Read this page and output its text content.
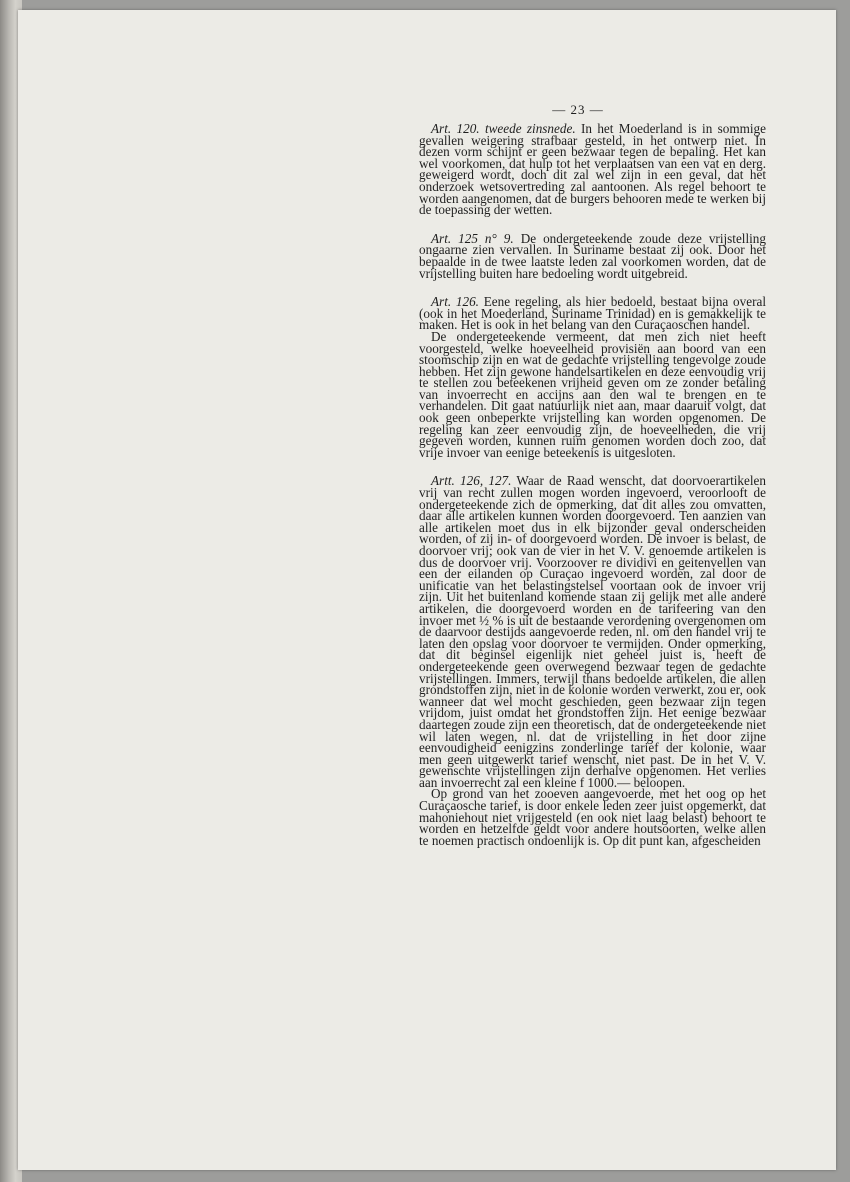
— 23 —

Art. 120. tweede zinsnede. In het Moederland is in sommige gevallen weigering strafbaar gesteld, in het ontwerp niet. In dezen vorm schijnt er geen bezwaar tegen de bepaling. Het kan wel voorkomen, dat hulp tot het verplaatsen van een vat en derg. geweigerd wordt, doch dit zal wel zijn in een geval, dat het onderzoek wetsovertreding zal aantoonen. Als regel behoort te worden aangenomen, dat de burgers behooren mede te werken bij de toepassing der wetten.

Art. 125 n° 9. De ondergeteekende zoude deze vrijstelling ongaarne zien vervallen. In Suriname bestaat zij ook. Door het bepaalde in de twee laatste leden zal voorkomen worden, dat de vrijstelling buiten hare bedoeling wordt uitgebreid.

Art. 126. Eene regeling, als hier bedoeld, bestaat bijna overal (ook in het Moederland, Suriname Trinidad) en is gemakkelijk te maken. Het is ook in het belang van den Curaçaoschen handel.

De ondergeteekende vermeent, dat men zich niet heeft voorgesteld, welke hoeveelheid provisiën aan boord van een stoomschip zijn en wat de gedachte vrijstelling tengevolge zoude hebben. Het zijn gewone handelsartikelen en deze eenvoudig vrij te stellen zou beteekenen vrijheid geven om ze zonder betaling van invoerrecht en accijns aan den wal te brengen en te verhandelen. Dit gaat natuurlijk niet aan, maar daaruit volgt, dat ook geen onbeperkte vrijstelling kan worden opgenomen. De regeling kan zeer eenvoudig zijn, de hoeveelheden, die vrij gegeven worden, kunnen ruim genomen worden doch zoo, dat vrije invoer van eenige beteekenis is uitgesloten.

Artt. 126, 127. Waar de Raad wenscht, dat doorvoerartikelen vrij van recht zullen mogen worden ingevoerd, veroorlooft de ondergeteekende zich de opmerking, dat dit alles zou omvatten, daar alle artikelen kunnen worden doorgevoerd. Ten aanzien van alle artikelen moet dus in elk bijzonder geval onderscheiden worden, of zij in- of doorgevoerd worden. De invoer is belast, de doorvoer vrij; ook van de vier in het V. V. genoemde artikelen is dus de doorvoer vrij. Voorzoover re dividivi en geitenvellen van een der eilanden op Curaçao ingevoerd worden, zal door de unificatie van het belastingstelsel voortaan ook de invoer vrij zijn. Uit het buitenland komende staan zij gelijk met alle andere artikelen, die doorgevoerd worden en de tarifeering van den invoer met ½ % is uit de bestaande verordening overgenomen om de daarvoor destijds aangevoerde reden, nl. om den handel vrij te laten den opslag voor doorvoer te vermijden. Onder opmerking, dat dit beginsel eigenlijk niet geheel juist is, heeft de ondergeteekende geen overwegend bezwaar tegen de gedachte vrijstellingen. Immers, terwijl thans bedoelde artikelen, die allen grondstoffen zijn, niet in de kolonie worden verwerkt, zou er, ook wanneer dat wel mocht geschieden, geen bezwaar zijn tegen vrijdom, juist omdat het grondstoffen zijn. Het eenige bezwaar daartegen zoude zijn een theoretisch, dat de ondergeteekende niet wil laten wegen, nl. dat de vrijstelling in het door zijne eenvoudigheid eenigzins zonderlinge tarief der kolonie, waar men geen uitgewerkt tarief wenscht, niet past. De in het V. V. gewenschte vrijstellingen zijn derhalve opgenomen. Het verlies aan invoerrecht zal een kleine f 1000.— beloopen.

Op grond van het zooeven aangevoerde, met het oog op het Curaçaosche tarief, is door enkele leden zeer juist opgemerkt, dat mahoniehout niet vrijgesteld (en ook niet laag belast) behoort te worden en hetzelfde geldt voor andere houtsoorten, welke allen te noemen practisch ondoenlijk is. Op dit punt kan, afgescheiden
